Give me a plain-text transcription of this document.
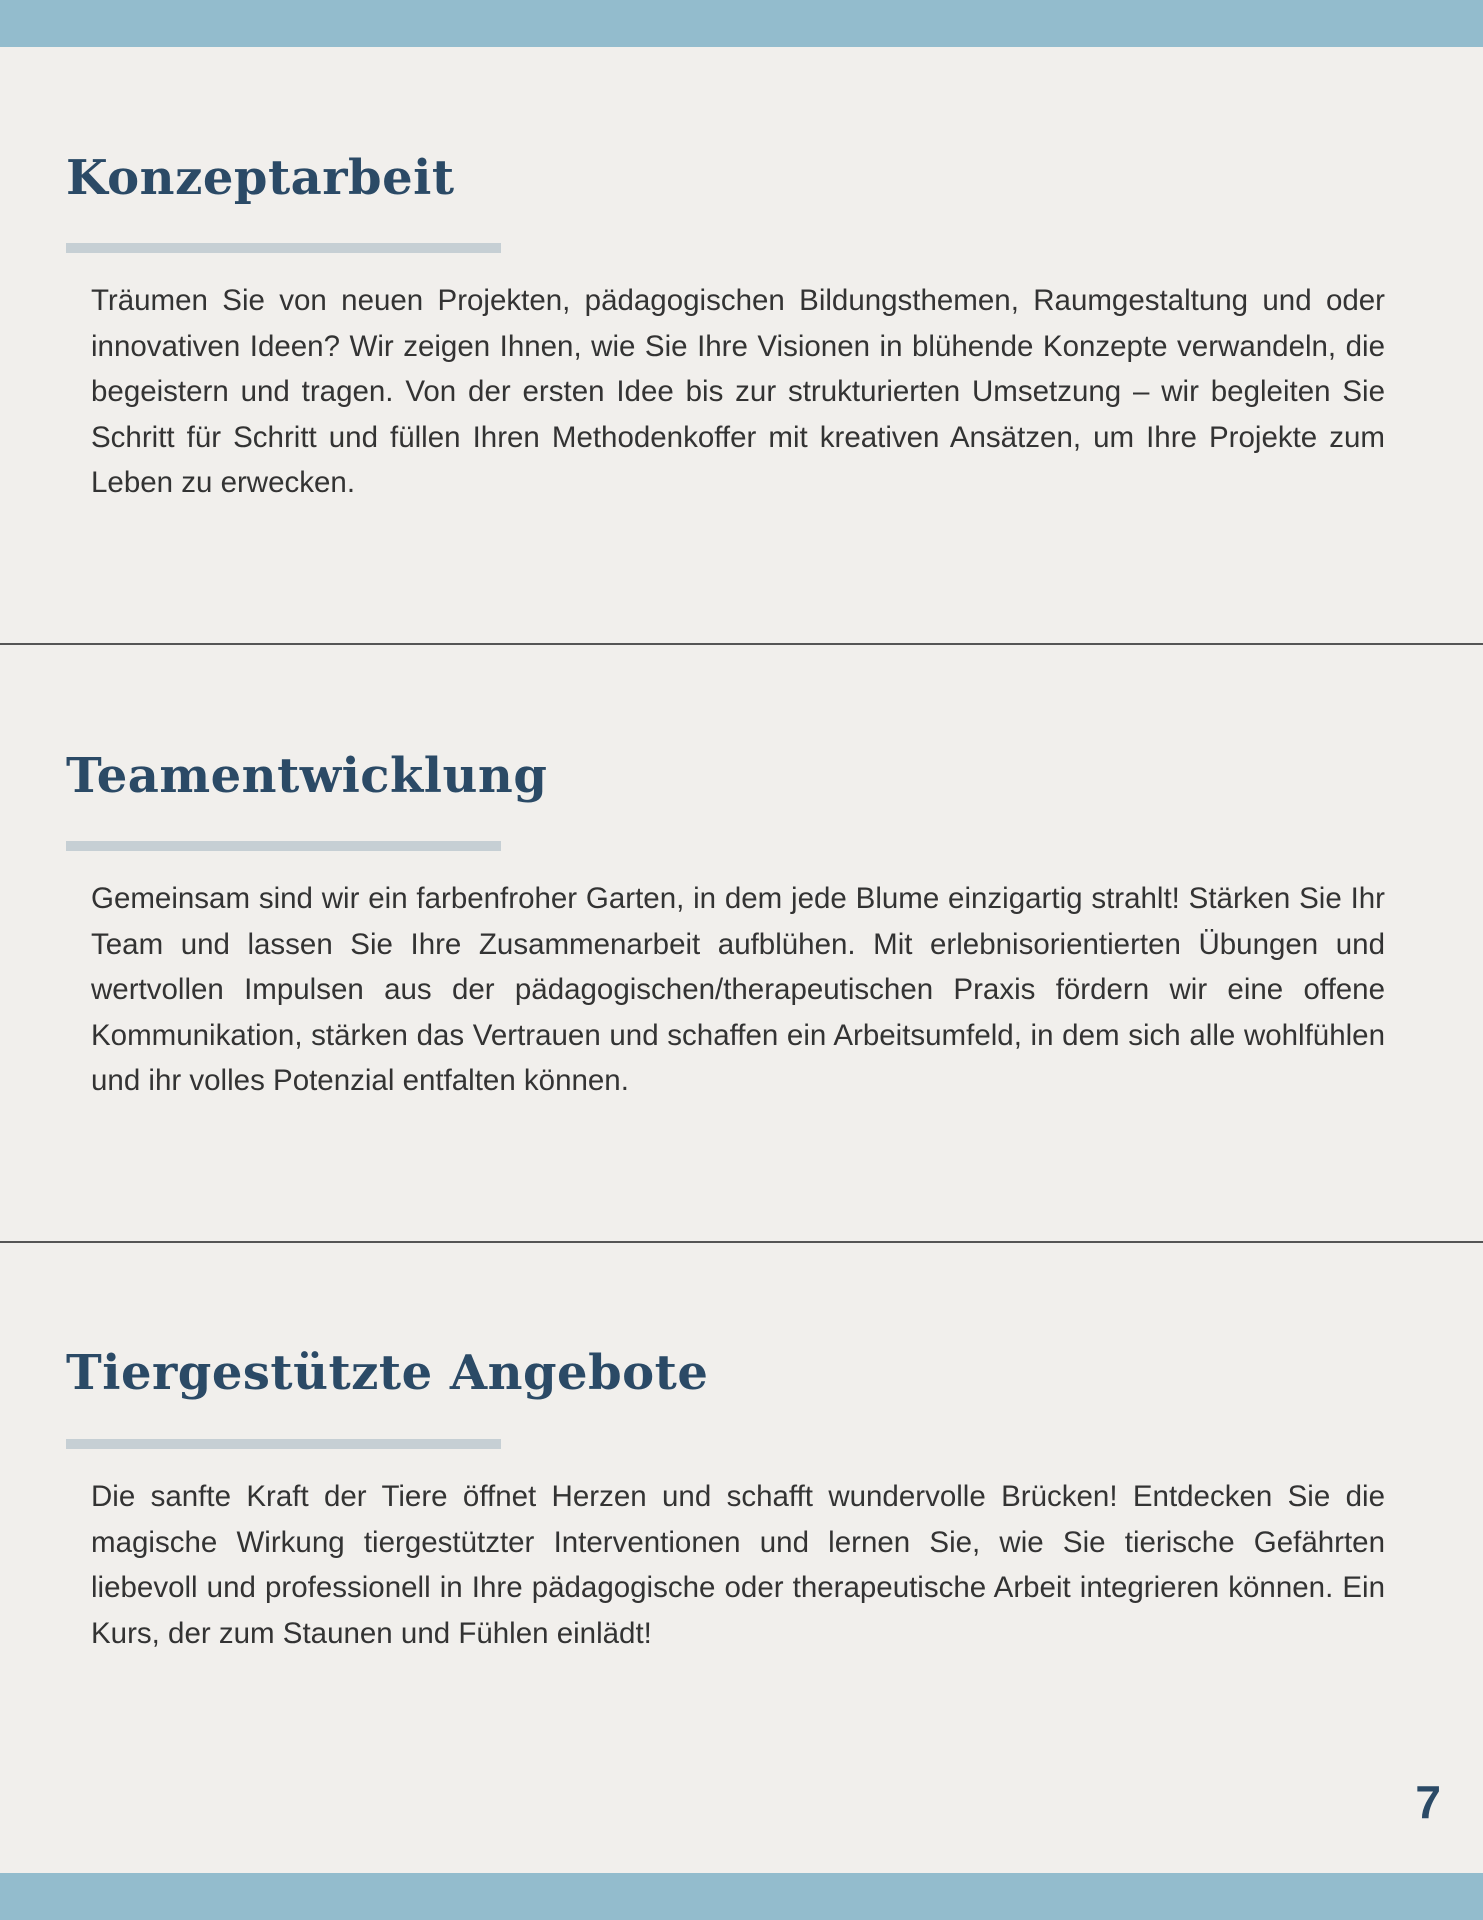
Konzeptarbeit

Träumen Sie von neuen Projekten, pädagogischen Bildungsthemen, Raumgestaltung und oder innovativen Ideen? Wir zeigen Ihnen, wie Sie Ihre Visionen in blühende Konzepte verwandeln, die begeistern und tragen. Von der ersten Idee bis zur strukturierten Umsetzung – wir begleiten Sie Schritt für Schritt und füllen Ihren Methodenkoffer mit kreativen Ansätzen, um Ihre Projekte zum Leben zu erwecken.

Teamentwicklung

Gemeinsam sind wir ein farbenfroher Garten, in dem jede Blume einzigartig strahlt! Stärken Sie Ihr Team und lassen Sie Ihre Zusammenarbeit aufblühen. Mit erlebnisorientierten Übungen und wertvollen Impulsen aus der pädagogischen/therapeutischen Praxis fördern wir eine offene Kommunikation, stärken das Vertrauen und schaffen ein Arbeitsumfeld, in dem sich alle wohlfühlen und ihr volles Potenzial entfalten können.

Tiergestützte Angebote

Die sanfte Kraft der Tiere öffnet Herzen und schafft wundervolle Brücken! Entdecken Sie die magische Wirkung tiergestützter Interventionen und lernen Sie, wie Sie tierische Gefährten liebevoll und professionell in Ihre pädagogische oder therapeutische Arbeit integrieren können. Ein Kurs, der zum Staunen und Fühlen einlädt!

7
